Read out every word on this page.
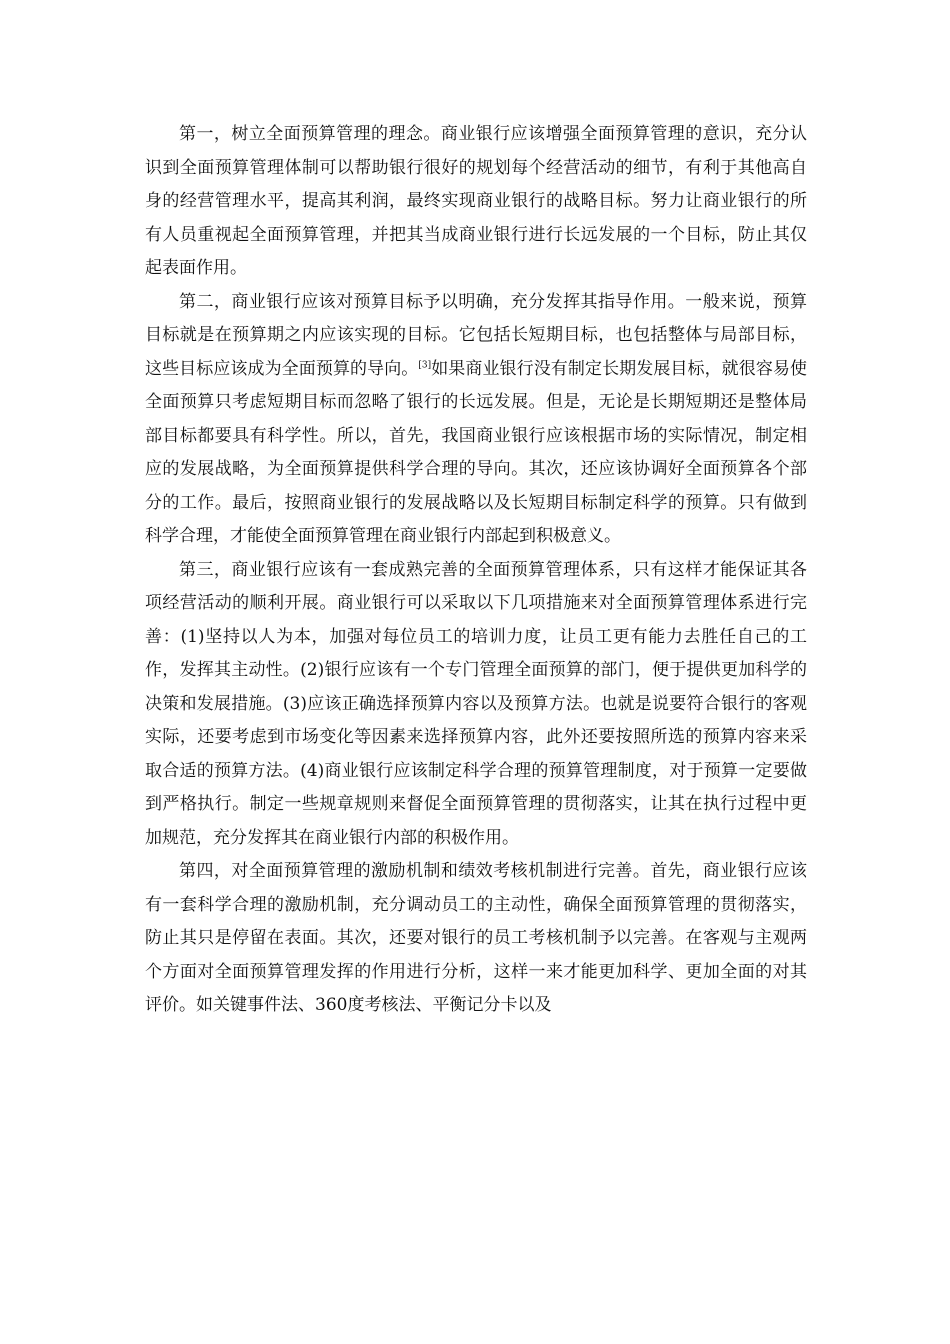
第一，树立全面预算管理的理念。商业银行应该增强全面预算管理的意识，充分认识到全面预算管理体制可以帮助银行很好的规划每个经营活动的细节，有利于其他高自身的经营管理水平，提高其利润，最终实现商业银行的战略目标。努力让商业银行的所有人员重视起全面预算管理，并把其当成商业银行进行长远发展的一个目标，防止其仅起表面作用。

第二，商业银行应该对预算目标予以明确，充分发挥其指导作用。一般来说，预算目标就是在预算期之内应该实现的目标。它包括长短期目标，也包括整体与局部目标，这些目标应该成为全面预算的导向。[3]如果商业银行没有制定长期发展目标，就很容易使全面预算只考虑短期目标而忽略了银行的长远发展。但是，无论是长期短期还是整体局部目标都要具有科学性。所以，首先，我国商业银行应该根据市场的实际情况，制定相应的发展战略，为全面预算提供科学合理的导向。其次，还应该协调好全面预算各个部分的工作。最后，按照商业银行的发展战略以及长短期目标制定科学的预算。只有做到科学合理，才能使全面预算管理在商业银行内部起到积极意义。

第三，商业银行应该有一套成熟完善的全面预算管理体系，只有这样才能保证其各项经营活动的顺利开展。商业银行可以采取以下几项措施来对全面预算管理体系进行完善：(1)坚持以人为本，加强对每位员工的培训力度，让员工更有能力去胜任自己的工作，发挥其主动性。(2)银行应该有一个专门管理全面预算的部门，便于提供更加科学的决策和发展措施。(3)应该正确选择预算内容以及预算方法。也就是说要符合银行的客观实际，还要考虑到市场变化等因素来选择预算内容，此外还要按照所选的预算内容来采取合适的预算方法。(4)商业银行应该制定科学合理的预算管理制度，对于预算一定要做到严格执行。制定一些规章规则来督促全面预算管理的贯彻落实，让其在执行过程中更加规范，充分发挥其在商业银行内部的积极作用。

第四，对全面预算管理的激励机制和绩效考核机制进行完善。首先，商业银行应该有一套科学合理的激励机制，充分调动员工的主动性，确保全面预算管理的贯彻落实，防止其只是停留在表面。其次，还要对银行的员工考核机制予以完善。在客观与主观两个方面对全面预算管理发挥的作用进行分析，这样一来才能更加科学、更加全面的对其评价。如关键事件法、360度考核法、平衡记分卡以及
